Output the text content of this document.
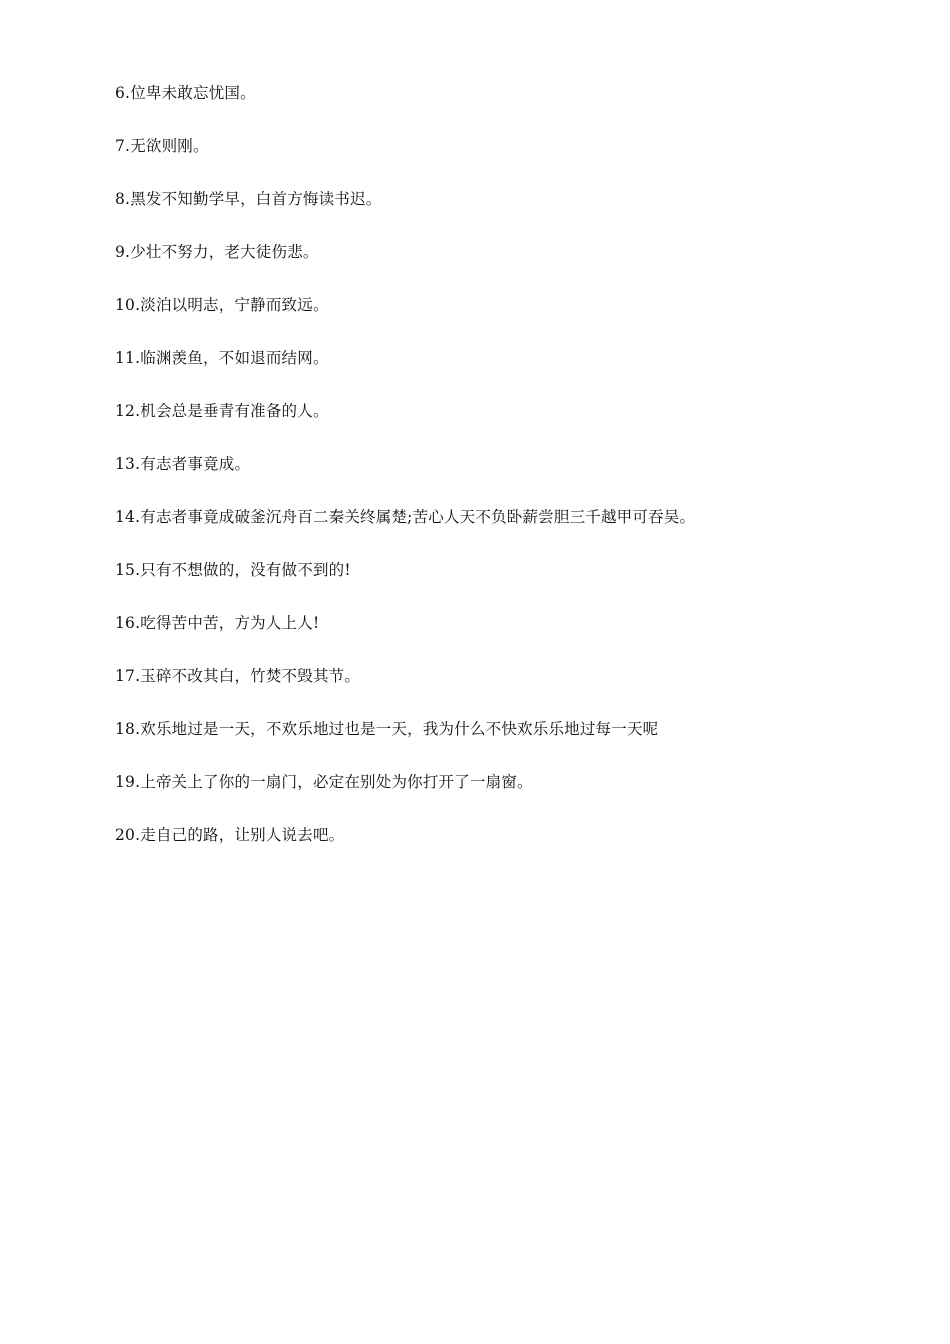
6.位卑未敢忘忧国。
7.无欲则刚。
8.黑发不知勤学早，白首方悔读书迟。
9.少壮不努力，老大徒伤悲。
10.淡泊以明志，宁静而致远。
11.临渊羡鱼，不如退而结网。
12.机会总是垂青有准备的人。
13.有志者事竟成。
14.有志者事竟成破釜沉舟百二秦关终属楚;苦心人天不负卧薪尝胆三千越甲可吞吴。
15.只有不想做的，没有做不到的!
16.吃得苦中苦，方为人上人!
17.玉碎不改其白，竹焚不毁其节。
18.欢乐地过是一天，不欢乐地过也是一天，我为什么不快欢乐乐地过每一天呢
19.上帝关上了你的一扇门，必定在别处为你打开了一扇窗。
20.走自己的路，让别人说去吧。
